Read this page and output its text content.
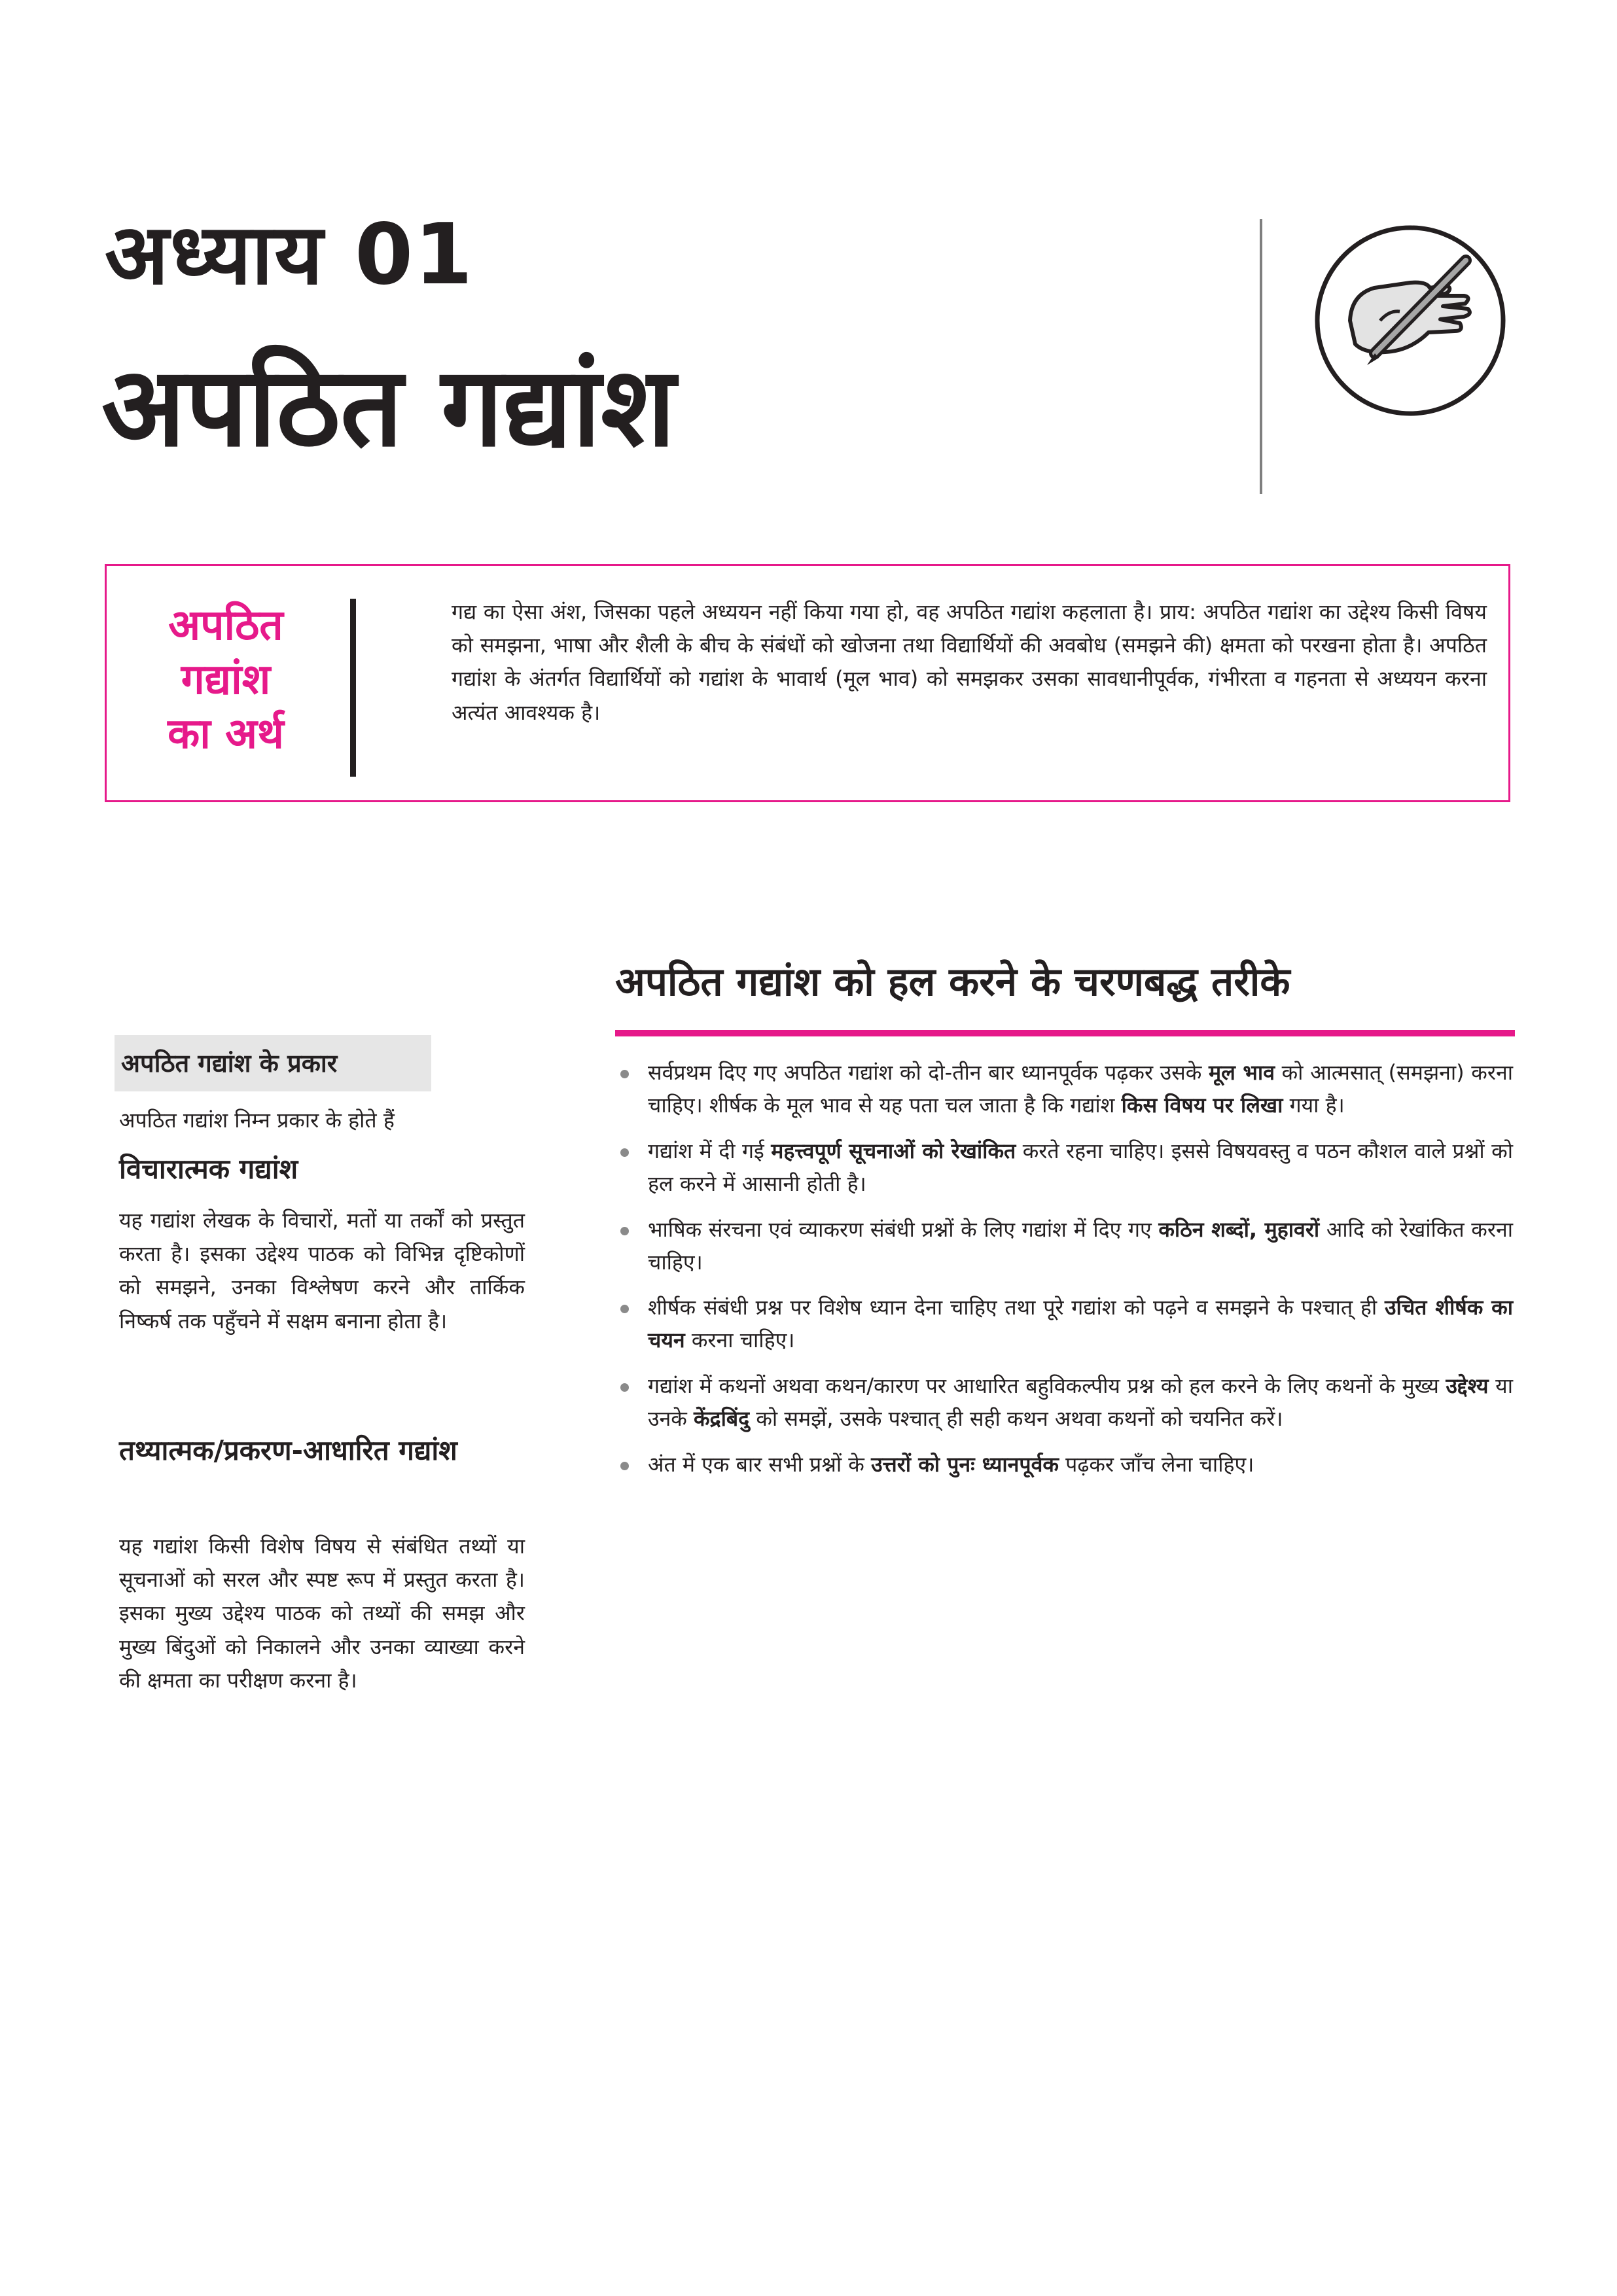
अध्याय 01
अपठित गद्यांश
अपठित
गद्यांश
का अर्थ

गद्य का ऐसा अंश, जिसका पहले अध्ययन नहीं किया गया हो, वह अपठित गद्यांश कहलाता है। प्राय: अपठित गद्यांश का उद्देश्य किसी विषय को समझना, भाषा और शैली के बीच के संबंधों को खोजना तथा विद्यार्थियों की अवबोध (समझने की) क्षमता को परखना होता है। अपठित गद्यांश के अंतर्गत विद्यार्थियों को गद्यांश के भावार्थ (मूल भाव) को समझकर उसका सावधानीपूर्वक, गंभीरता व गहनता से अध्ययन करना अत्यंत आवश्यक है।

अपठित गद्यांश के प्रकार

अपठित गद्यांश निम्न प्रकार के होते हैं

विचारात्मक गद्यांश

यह गद्यांश लेखक के विचारों, मतों या तर्कों को प्रस्तुत करता है। इसका उद्देश्य पाठक को विभिन्न दृष्टिकोणों को समझने, उनका विश्लेषण करने और तार्किक निष्कर्ष तक पहुँचने में सक्षम बनाना होता है।

तथ्यात्मक/प्रकरण-आधारित गद्यांश

यह गद्यांश किसी विशेष विषय से संबंधित तथ्यों या सूचनाओं को सरल और स्पष्ट रूप में प्रस्तुत करता है। इसका मुख्य उद्देश्य पाठक को तथ्यों की समझ और मुख्य बिंदुओं को निकालने और उनका व्याख्या करने की क्षमता का परीक्षण करना है।

अपठित गद्यांश को हल करने के चरणबद्ध तरीके
सर्वप्रथम दिए गए अपठित गद्यांश को दो-तीन बार ध्यानपूर्वक पढ़कर उसके मूल भाव को आत्मसात् (समझना) करना चाहिए। शीर्षक के मूल भाव से यह पता चल जाता है कि गद्यांश किस विषय पर लिखा गया है।
गद्यांश में दी गई महत्त्वपूर्ण सूचनाओं को रेखांकित करते रहना चाहिए। इससे विषयवस्तु व पठन कौशल वाले प्रश्नों को हल करने में आसानी होती है।
भाषिक संरचना एवं व्याकरण संबंधी प्रश्नों के लिए गद्यांश में दिए गए कठिन शब्दों, मुहावरों आदि को रेखांकित करना चाहिए।
शीर्षक संबंधी प्रश्न पर विशेष ध्यान देना चाहिए तथा पूरे गद्यांश को पढ़ने व समझने के पश्चात् ही उचित शीर्षक का चयन करना चाहिए।
गद्यांश में कथनों अथवा कथन/कारण पर आधारित बहुविकल्पीय प्रश्न को हल करने के लिए कथनों के मुख्य उद्देश्य या उनके केंद्रबिंदु को समझें, उसके पश्चात् ही सही कथन अथवा कथनों को चयनित करें।
अंत में एक बार सभी प्रश्नों के उत्तरों को पुनः ध्यानपूर्वक पढ़कर जाँच लेना चाहिए।
